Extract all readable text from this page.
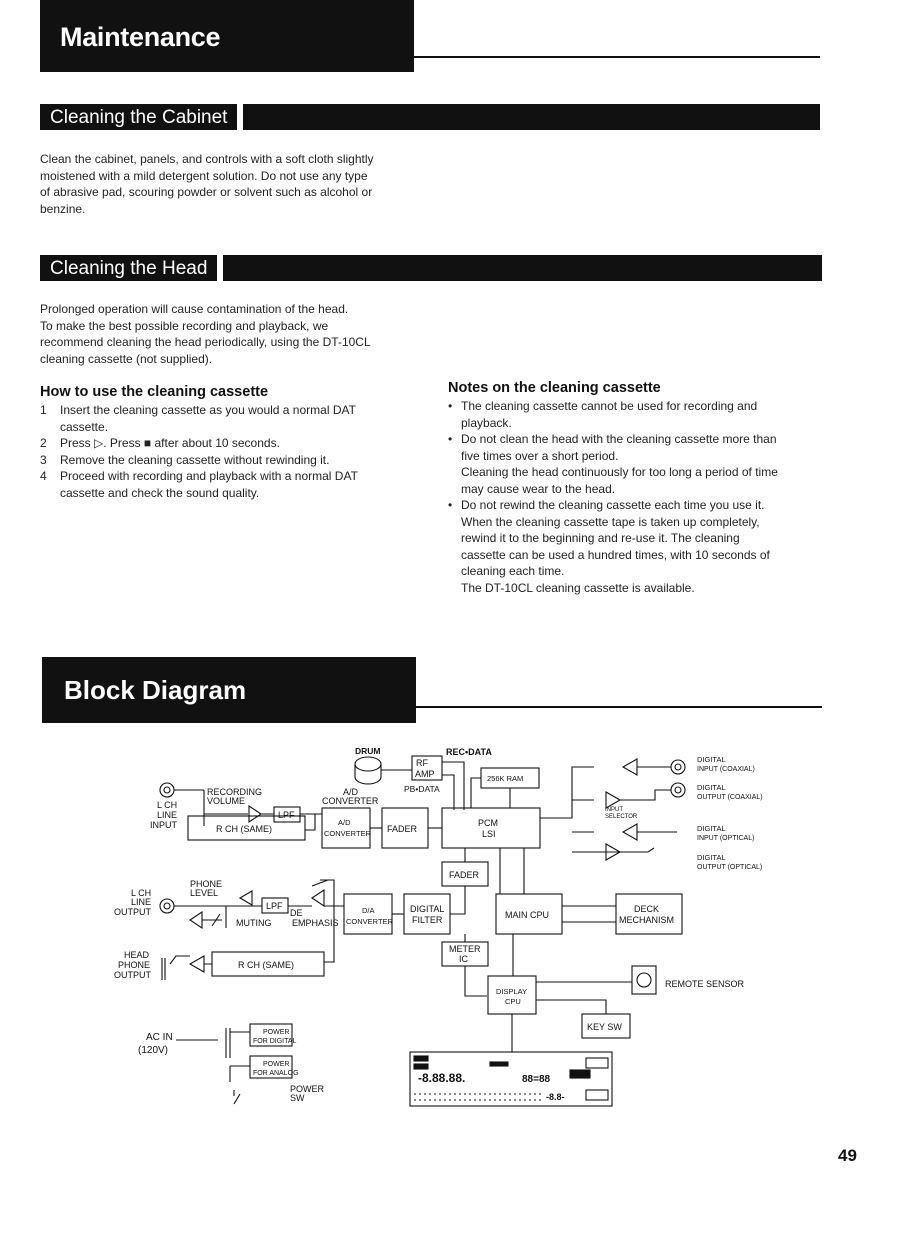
Maintenance
Cleaning the Cabinet
Clean the cabinet, panels, and controls with a soft cloth slightly
moistened with a mild detergent solution. Do not use any type
of abrasive pad, scouring powder or solvent such as alcohol or
benzine.
Cleaning the Head
Prolonged operation will cause contamination of the head.
To make the best possible recording and playback, we
recommend cleaning the head periodically, using the DT-10CL
cleaning cassette (not supplied).
How to use the cleaning cassette
1 Insert the cleaning cassette as you would a normal DAT
cassette.
2 Press ▷. Press ■ after about 10 seconds.
3 Remove the cleaning cassette without rewinding it.
4 Proceed with recording and playback with a normal DAT
cassette and check the sound quality.
Notes on the cleaning cassette
• The cleaning cassette cannot be used for recording and
playback.
• Do not clean the head with the cleaning cassette more than
five times over a short period.
Cleaning the head continuously for too long a period of time
may cause wear to the head.
• Do not rewind the cleaning cassette each time you use it.
When the cleaning cassette tape is taken up completely,
rewind it to the beginning and re-use it. The cleaning
cassette can be used a hundred times, with 10 seconds of
cleaning each time.
The DT-10CL cleaning cassette is available.
Block Diagram
DRUM
RF
AMP
REC•DATA
PB•DATA
256K RAM
RECORDING
VOLUME
A/D
CONVERTER
L CH
LINE
INPUT
LPF
A/D
CONVERTER FADER
PCM
LSI
R CH (SAME)
DIGITAL
INPUT (COAXIAL)
DIGITAL
OUTPUT (COAXIAL)
INPUT
SELECTOR
DIGITAL
INPUT (OPTICAL)
DIGITAL
OUTPUT (OPTICAL)
FADER
PHONE
LEVEL
L CH
LINE
OUTPUT
LPF
DE
EMPHASIS
MUTING
D/A
CONVERTER
DIGITAL
FILTER	MAIN CPU
DECK
MECHANISM
HEAD
PHONE
OUTPUT
R CH (SAME)
METER
IC
REMOTE SENSOR
DISPLAY
CPU
KEY SW
AC IN
(120V)
POWER
FOR DIGITAL
POWER
FOR ANALOG
POWER
SW
-8.88.88.	88=88
-8.8-
49
